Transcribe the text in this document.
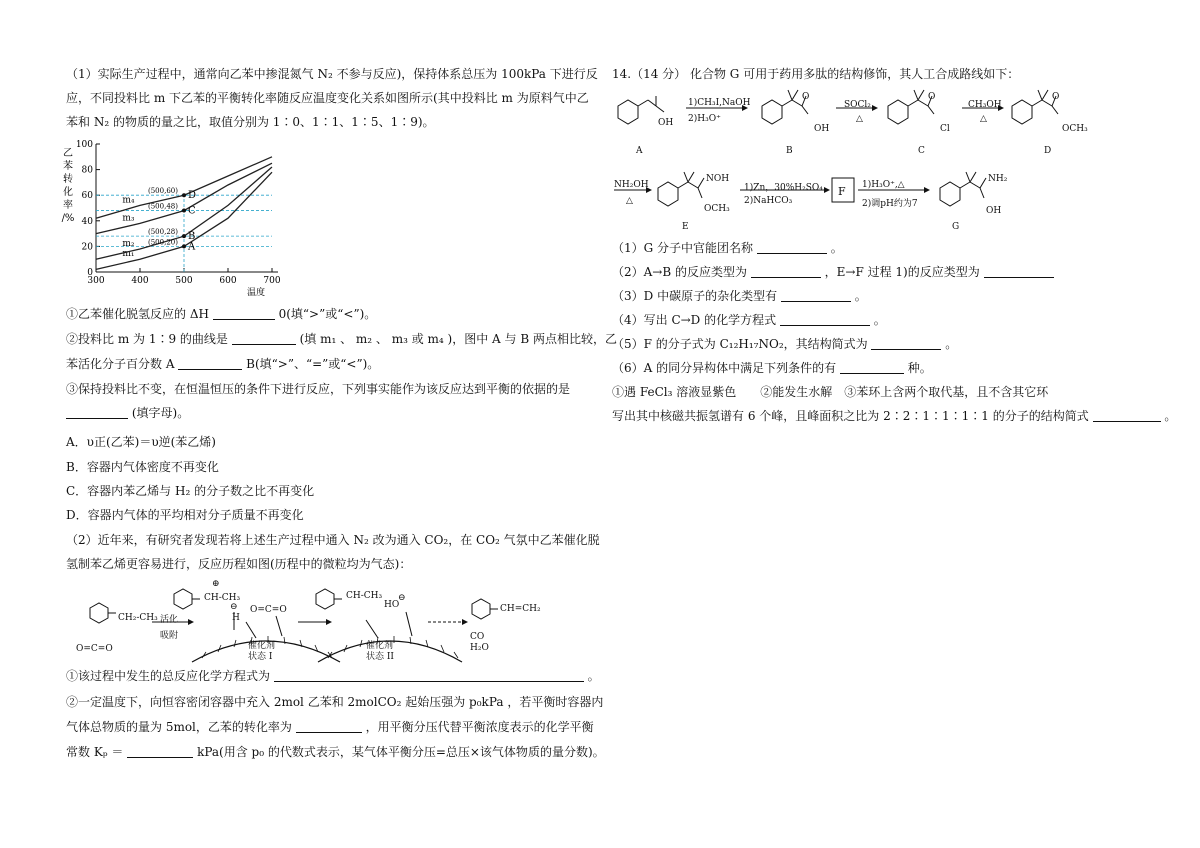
（1）实际生产过程中，通常向乙苯中掺混氮气 N₂ 不参与反应)，保持体系总压为 100kPa 下进行反
应，不同投料比 m 下乙苯的平衡转化率随反应温度变化关系如图所示(其中投料比 m 为原料气中乙
苯和 N₂ 的物质的量之比，取值分别为 1∶0、1∶1、1∶5、1∶9)。
0
20
40
60
80
100
300	400	500	600	700
温度
乙
苯
转
化
率
/%
m₁
m₂
m₃
m₄
A
(500,20)
B
(500,28)
C
(500,48)
D
(500,60)
①乙苯催化脱氢反应的 ΔH	0(填“>”或“<”)。
②投料比 m 为 1∶9 的曲线是	(填 m₁ 、 m₂ 、 m₃ 或 m₄ )，图中 A 与 B 两点相比较，乙
苯活化分子百分数 A	B(填“>”、“=”或“<”)。
③保持投料比不变，在恒温恒压的条件下进行反应，下列事实能作为该反应达到平衡的依据的是
(填字母)。
A．υ正(乙苯)＝υ逆(苯乙烯)
B．容器内气体密度不再变化
C．容器内苯乙烯与 H₂ 的分子数之比不再变化
D．容器内气体的平均相对分子质量不再变化
（2）近年来，有研究者发现若将上述生产过程中通入 N₂ 改为通入 CO₂，在 CO₂ 气氛中乙苯催化脱
氢制苯乙烯更容易进行，反应历程如图(历程中的微粒均为气态)：
CH₂-CH₃
O=C=O
活化
吸附
⊕
CH-CH₃
⊖
H
O=C=O
催化剂
状态 I
CH-CH₃
HO
⊖
催化剂
状态 II
CH=CH₂
CO
H₂O
①该过程中发生的总反应化学方程式为	。
②一定温度下，向恒容密闭容器中充入 2mol 乙苯和 2molCO₂ 起始压强为 p₀kPa ，若平衡时容器内
气体总物质的量为 5mol，乙苯的转化率为	，用平衡分压代替平衡浓度表示的化学平衡
常数 Kₚ ＝	kPa(用含 p₀ 的代数式表示，某气体平衡分压=总压×该气体物质的量分数)。
14.（14 分） 化合物 G 可用于药用多肽的结构修饰，其人工合成路线如下：
OH
1)CH₃I,NaOH
2)H₃O⁺
O
OH
SOCl₂
△
O
Cl
CH₃OH
△
O
OCH₃
A	B	C	D
NH₂OH
△
NOH
OCH₃
1)Zn，30%H₂SO₄
2)NaHCO₃
F 1)H₃O⁺,△
2)调pH约为7
NH₂
OH
E	G
（1）G 分子中官能团名称	。
（2）A→B 的反应类型为	，E→F 过程 1)的反应类型为
（3）D 中碳原子的杂化类型有	。
（4）写出 C→D 的化学方程式	。
（5）F 的分子式为 C₁₂H₁₇NO₂，其结构简式为	。
（6）A 的同分异构体中满足下列条件的有	种。
①遇 FeCl₃ 溶液显紫色　　②能发生水解　③苯环上含两个取代基，且不含其它环
写出其中核磁共振氢谱有 6 个峰，且峰面积之比为 2∶2∶1∶1∶1∶1 的分子的结构简式	。
